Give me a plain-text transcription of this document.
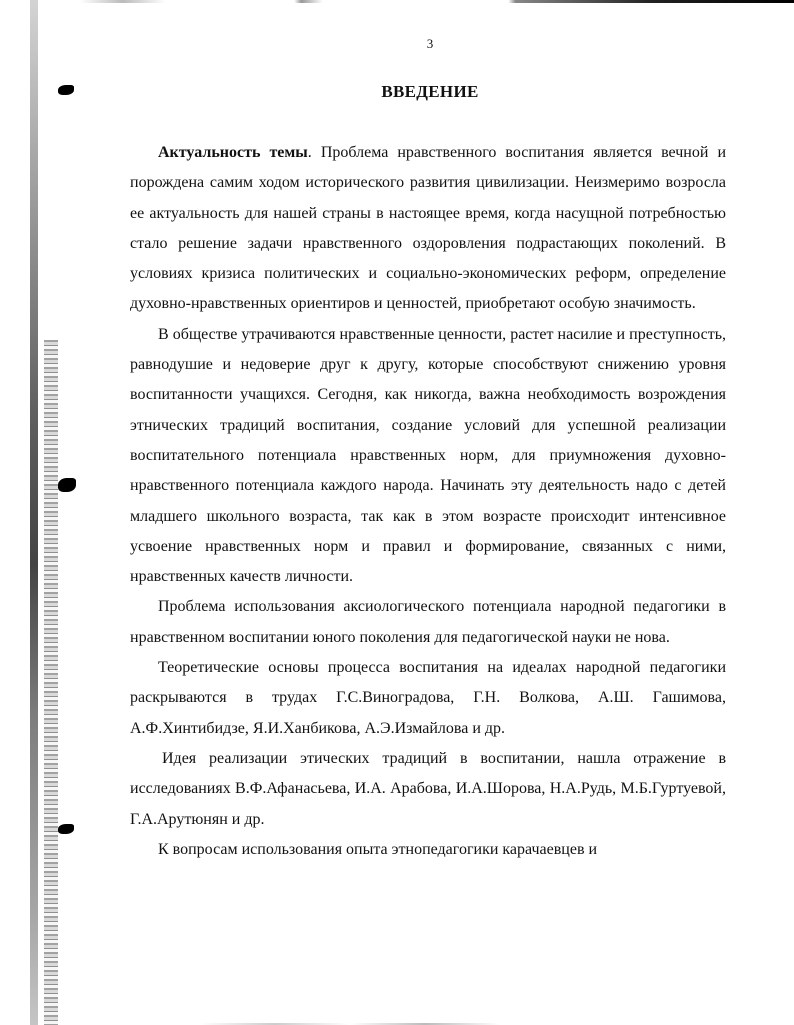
3
ВВЕДЕНИЕ

Актуальность темы. Проблема нравственного воспитания является вечной и порождена самим ходом исторического развития цивилизации. Неизмеримо возросла ее актуальность для нашей страны в настоящее время, когда насущной потребностью стало решение задачи нравственного оздоровления подрастающих поколений. В условиях кризиса политических и социально-экономических реформ, определение духовно-нравственных ориентиров и ценностей, приобретают особую значимость.

В обществе утрачиваются нравственные ценности, растет насилие и преступность, равнодушие и недоверие друг к другу, которые способствуют снижению уровня воспитанности учащихся. Сегодня, как никогда, важна необходимость возрождения этнических традиций воспитания, создание условий для успешной реализации воспитательного потенциала нравственных норм, для приумножения духовно-нравственного потенциала каждого народа. Начинать эту деятельность надо с детей младшего школьного возраста, так как в этом возрасте происходит интенсивное усвоение нравственных норм и правил и формирование, связанных с ними, нравственных качеств личности.

Проблема использования аксиологического потенциала народной педагогики в нравственном воспитании юного поколения для педагогической науки не нова.

Теоретические основы процесса воспитания на идеалах народной педагогики раскрываются в трудах Г.С.Виноградова, Г.Н. Волкова, А.Ш. Гашимова, А.Ф.Хинтибидзе, Я.И.Ханбикова, А.Э.Измайлова и др.

Идея реализации этических традиций в воспитании, нашла отражение в исследованиях В.Ф.Афанасьева, И.А. Арабова, И.А.Шорова, Н.А.Рудь, М.Б.Гуртуевой, Г.А.Арутюнян и др.

К вопросам использования опыта этнопедагогики карачаевцев и
